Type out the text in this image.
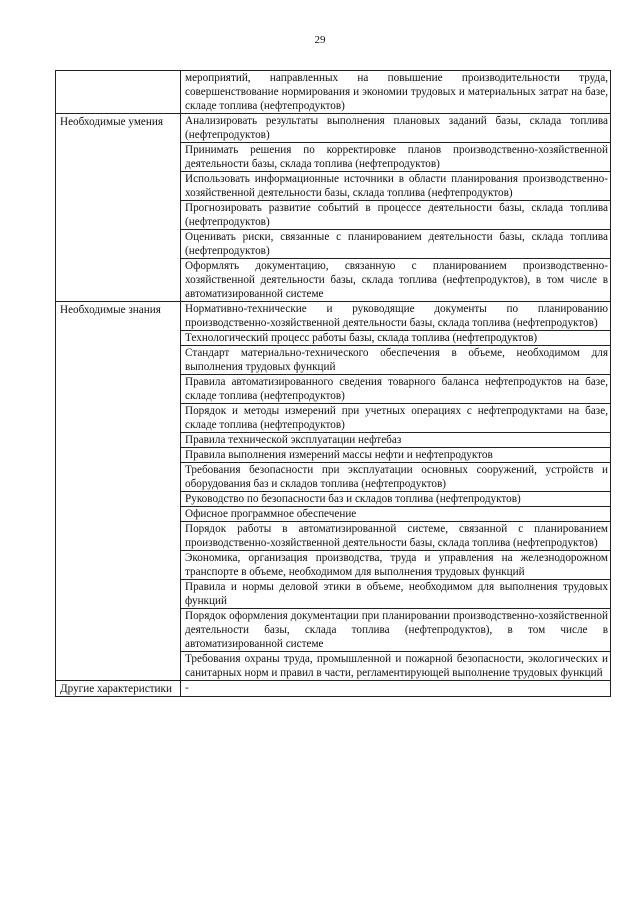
29
	мероприятий, направленных на повышение производительности труда, совершенствование нормирования и экономии трудовых и материальных затрат на базе, складе топлива (нефтепродуктов)

Необходимые умения	Анализировать результаты выполнения плановых заданий базы, склада топлива (нефтепродуктов)
	Принимать решения по корректировке планов производственно-хозяйственной деятельности базы, склада топлива (нефтепродуктов)
	Использовать информационные источники в области планирования производственно-хозяйственной деятельности базы, склада топлива (нефтепродуктов)
	Прогнозировать развитие событий в процессе деятельности базы, склада топлива (нефтепродуктов)
	Оценивать риски, связанные с планированием деятельности базы, склада топлива (нефтепродуктов)
	Оформлять документацию, связанную с планированием производственно-хозяйственной деятельности базы, склада топлива (нефтепродуктов), в том числе в автоматизированной системе

Необходимые знания	Нормативно-технические и руководящие документы по планированию производственно-хозяйственной деятельности базы, склада топлива (нефтепродуктов)
	Технологический процесс работы базы, склада топлива (нефтепродуктов)
	Стандарт материально-технического обеспечения в объеме, необходимом для выполнения трудовых функций
	Правила автоматизированного сведения товарного баланса нефтепродуктов на базе, складе топлива (нефтепродуктов)
	Порядок и методы измерений при учетных операциях с нефтепродуктами на базе, складе топлива (нефтепродуктов)
	Правила технической эксплуатации нефтебаз
	Правила выполнения измерений массы нефти и нефтепродуктов
	Требования безопасности при эксплуатации основных сооружений, устройств и оборудования баз и складов топлива (нефтепродуктов)
	Руководство по безопасности баз и складов топлива (нефтепродуктов)
	Офисное программное обеспечение
	Порядок работы в автоматизированной системе, связанной с планированием производственно-хозяйственной деятельности базы, склада топлива (нефтепродуктов)
	Экономика, организация производства, труда и управления на железнодорожном транспорте в объеме, необходимом для выполнения трудовых функций
	Правила и нормы деловой этики в объеме, необходимом для выполнения трудовых функций
	Порядок оформления документации при планировании производственно-хозяйственной деятельности базы, склада топлива (нефтепродуктов), в том числе в автоматизированной системе
	Требования охраны труда, промышленной и пожарной безопасности, экологических и санитарных норм и правил в части, регламентирующей выполнение трудовых функций

Другие характеристики	-
